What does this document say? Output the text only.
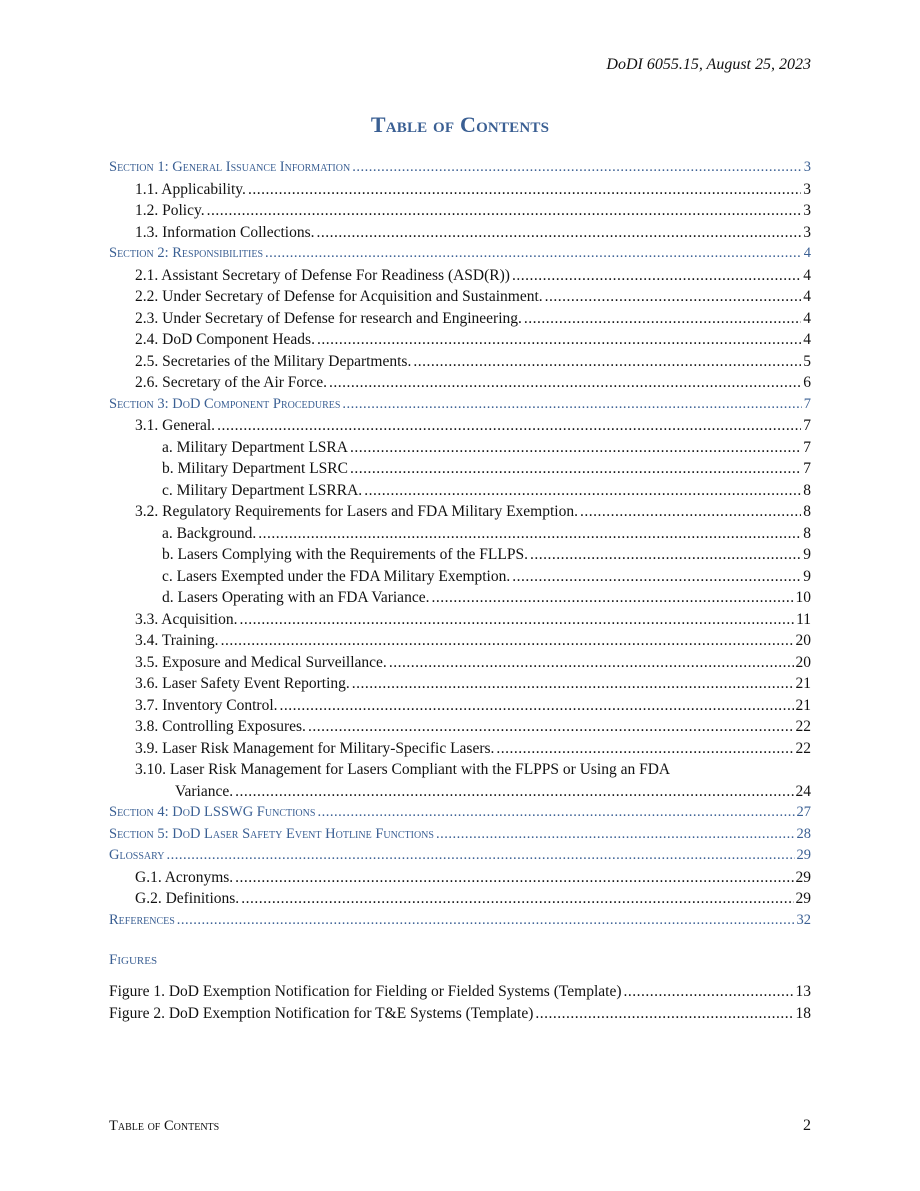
DoDI 6055.15, August 25, 2023
Table of Contents
Section 1: General Issuance Information .....	3
1.1. Applicability. .....	3
1.2. Policy. .....	3
1.3. Information Collections. .....	3
Section 2: Responsibilities .....	4
2.1. Assistant Secretary of Defense For Readiness (ASD(R)) .....	4
2.2. Under Secretary of Defense for Acquisition and Sustainment. .....	4
2.3. Under Secretary of Defense for research and Engineering. .....	4
2.4. DoD Component Heads. .....	4
2.5. Secretaries of the Military Departments. .....	5
2.6. Secretary of the Air Force. .....	6
Section 3: DoD Component Procedures .....	7
3.1. General. .....	7
a. Military Department LSRA .....	7
b. Military Department LSRC .....	7
c. Military Department LSRRA. .....	8
3.2. Regulatory Requirements for Lasers and FDA Military Exemption. .....	8
a. Background. .....	8
b. Lasers Complying with the Requirements of the FLLPS. .....	9
c. Lasers Exempted under the FDA Military Exemption. .....	9
d. Lasers Operating with an FDA Variance. .....	10
3.3. Acquisition. .....	11
3.4. Training. .....	20
3.5. Exposure and Medical Surveillance. .....	20
3.6. Laser Safety Event Reporting. .....	21
3.7. Inventory Control. .....	21
3.8. Controlling Exposures. .....	22
3.9. Laser Risk Management for Military-Specific Lasers. .....	22
3.10. Laser Risk Management for Lasers Compliant with the FLPPS or Using an FDA
Variance. .....	24
Section 4: DoD LSSWG Functions .....	27
Section 5: DoD Laser Safety Event Hotline Functions .....	28
Glossary .....	29
G.1. Acronyms. .....	29
G.2. Definitions. .....	29
References .....	32
Figures
Figure 1. DoD Exemption Notification for Fielding or Fielded Systems (Template) .....	13
Figure 2. DoD Exemption Notification for T&E Systems (Template) .....	18
Table of Contents	2
